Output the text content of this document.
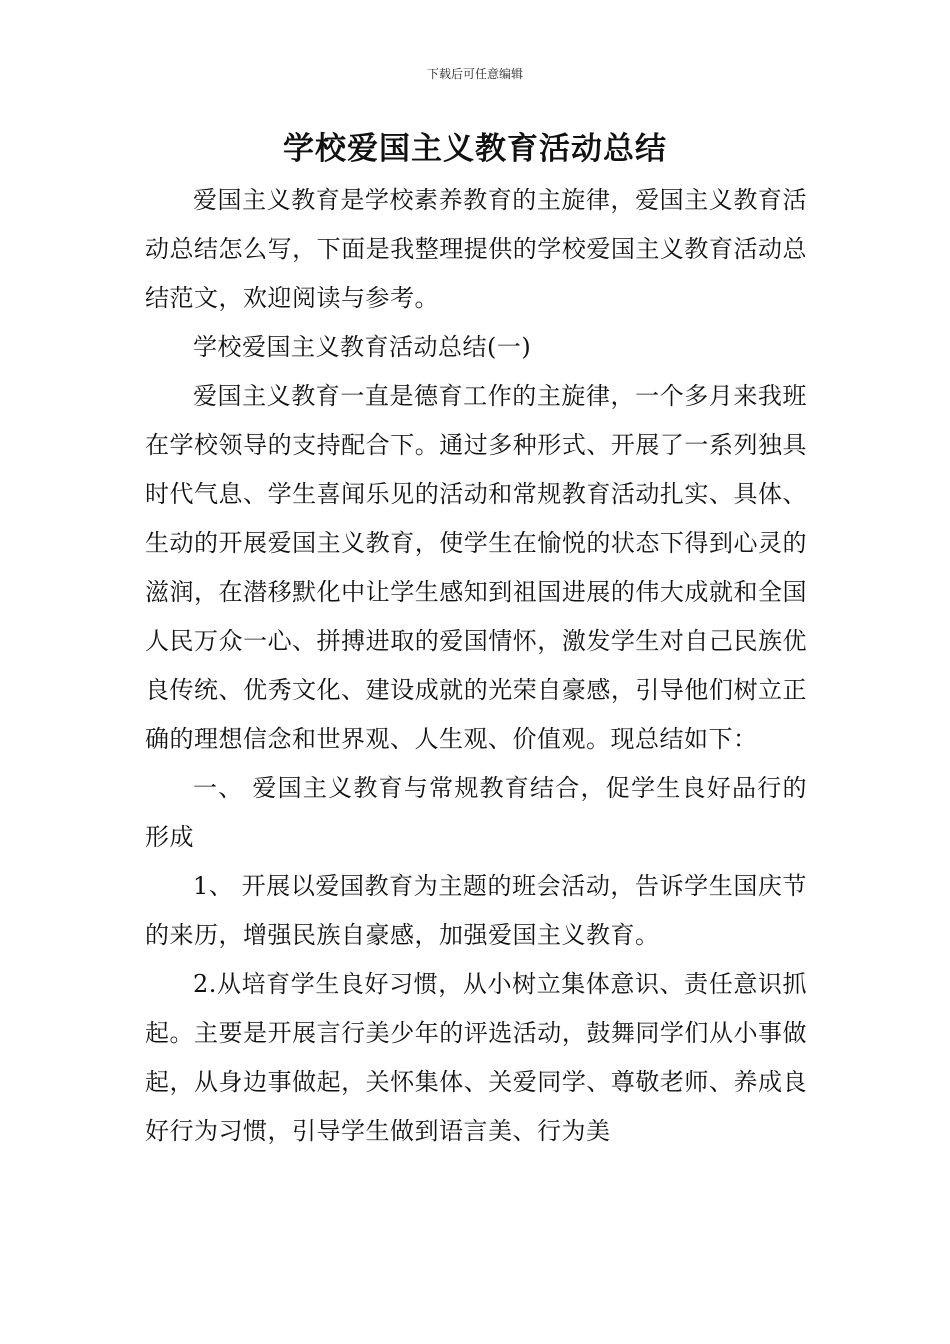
下载后可任意编辑
学校爱国主义教育活动总结

爱国主义教育是学校素养教育的主旋律，爱国主义教育活动总结怎么写，下面是我整理提供的学校爱国主义教育活动总结范文，欢迎阅读与参考。

学校爱国主义教育活动总结(一)

爱国主义教育一直是德育工作的主旋律，一个多月来我班在学校领导的支持配合下。通过多种形式、开展了一系列独具时代气息、学生喜闻乐见的活动和常规教育活动扎实、具体、生动的开展爱国主义教育，使学生在愉悦的状态下得到心灵的滋润，在潜移默化中让学生感知到祖国进展的伟大成就和全国人民万众一心、拼搏进取的爱国情怀，激发学生对自己民族优良传统、优秀文化、建设成就的光荣自豪感，引导他们树立正确的理想信念和世界观、人生观、价值观。现总结如下：

一、 爱国主义教育与常规教育结合，促学生良好品行的形成

1、 开展以爱国教育为主题的班会活动，告诉学生国庆节的来历，增强民族自豪感，加强爱国主义教育。

2.从培育学生良好习惯，从小树立集体意识、责任意识抓起。主要是开展言行美少年的评选活动，鼓舞同学们从小事做起，从身边事做起，关怀集体、关爱同学、尊敬老师、养成良好行为习惯，引导学生做到语言美、行为美
